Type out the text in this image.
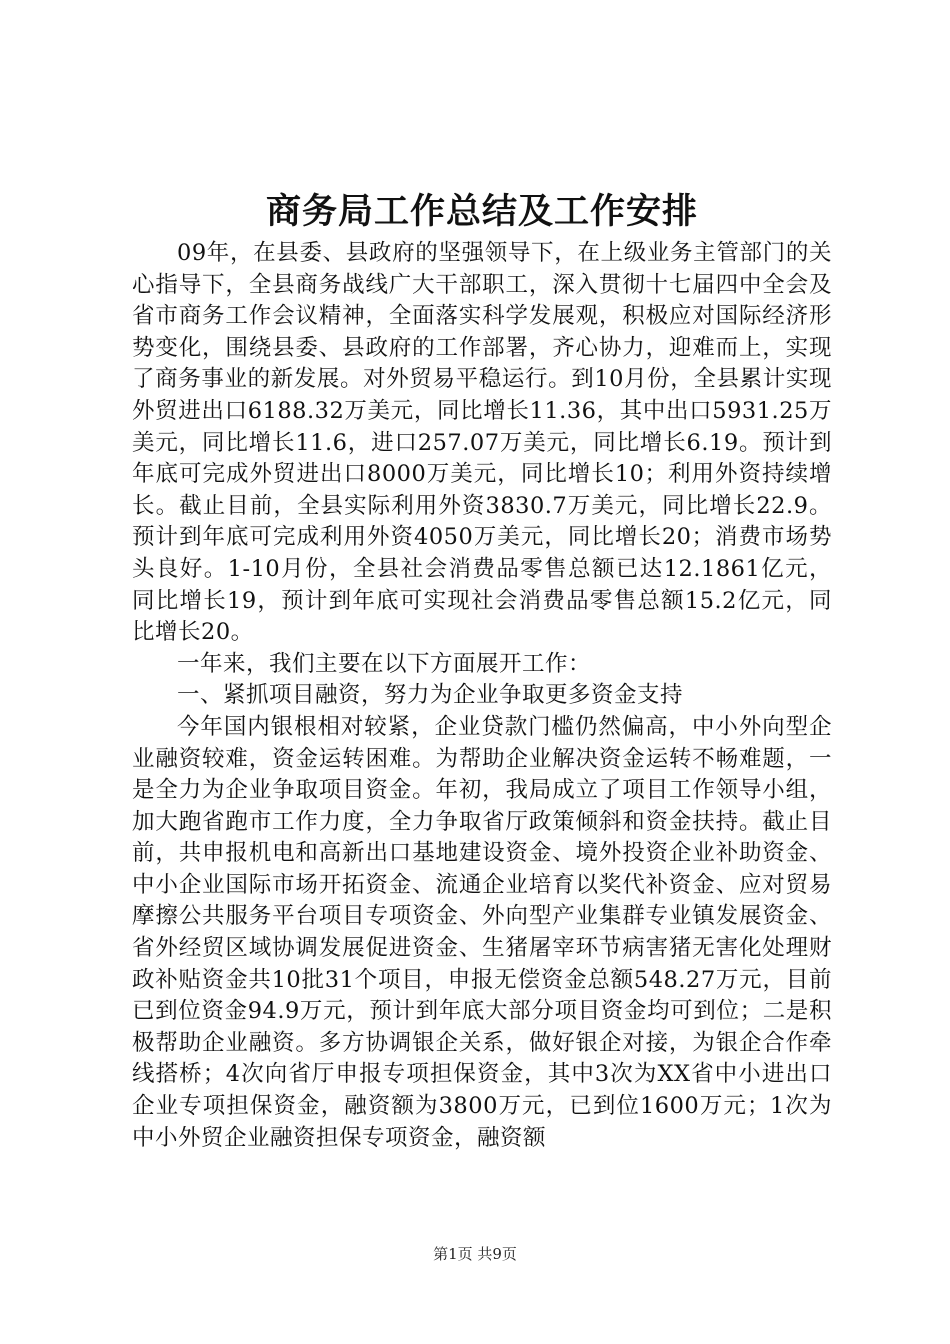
商务局工作总结及工作安排

09年，在县委、县政府的坚强领导下，在上级业务主管部门的关心指导下，全县商务战线广大干部职工，深入贯彻十七届四中全会及省市商务工作会议精神，全面落实科学发展观，积极应对国际经济形势变化，围绕县委、县政府的工作部署，齐心协力，迎难而上，实现了商务事业的新发展。对外贸易平稳运行。到10月份，全县累计实现外贸进出口6188.32万美元，同比增长11.36，其中出口5931.25万美元，同比增长11.6，进口257.07万美元，同比增长6.19。预计到年底可完成外贸进出口8000万美元，同比增长10；利用外资持续增长。截止目前，全县实际利用外资3830.7万美元，同比增长22.9。预计到年底可完成利用外资4050万美元，同比增长20；消费市场势头良好。1-10月份，全县社会消费品零售总额已达12.1861亿元，同比增长19，预计到年底可实现社会消费品零售总额15.2亿元，同比增长20。

一年来，我们主要在以下方面展开工作：

一、紧抓项目融资，努力为企业争取更多资金支持

今年国内银根相对较紧，企业贷款门槛仍然偏高，中小外向型企业融资较难，资金运转困难。为帮助企业解决资金运转不畅难题，一是全力为企业争取项目资金。年初，我局成立了项目工作领导小组，加大跑省跑市工作力度，全力争取省厅政策倾斜和资金扶持。截止目前，共申报机电和高新出口基地建设资金、境外投资企业补助资金、中小企业国际市场开拓资金、流通企业培育以奖代补资金、应对贸易摩擦公共服务平台项目专项资金、外向型产业集群专业镇发展资金、省外经贸区域协调发展促进资金、生猪屠宰环节病害猪无害化处理财政补贴资金共10批31个项目，申报无偿资金总额548.27万元，目前已到位资金94.9万元，预计到年底大部分项目资金均可到位；二是积极帮助企业融资。多方协调银企关系，做好银企对接，为银企合作牵线搭桥；4次向省厅申报专项担保资金，其中3次为XX省中小进出口企业专项担保资金，融资额为3800万元，已到位1600万元；1次为中小外贸企业融资担保专项资金，融资额

第1页 共9页
